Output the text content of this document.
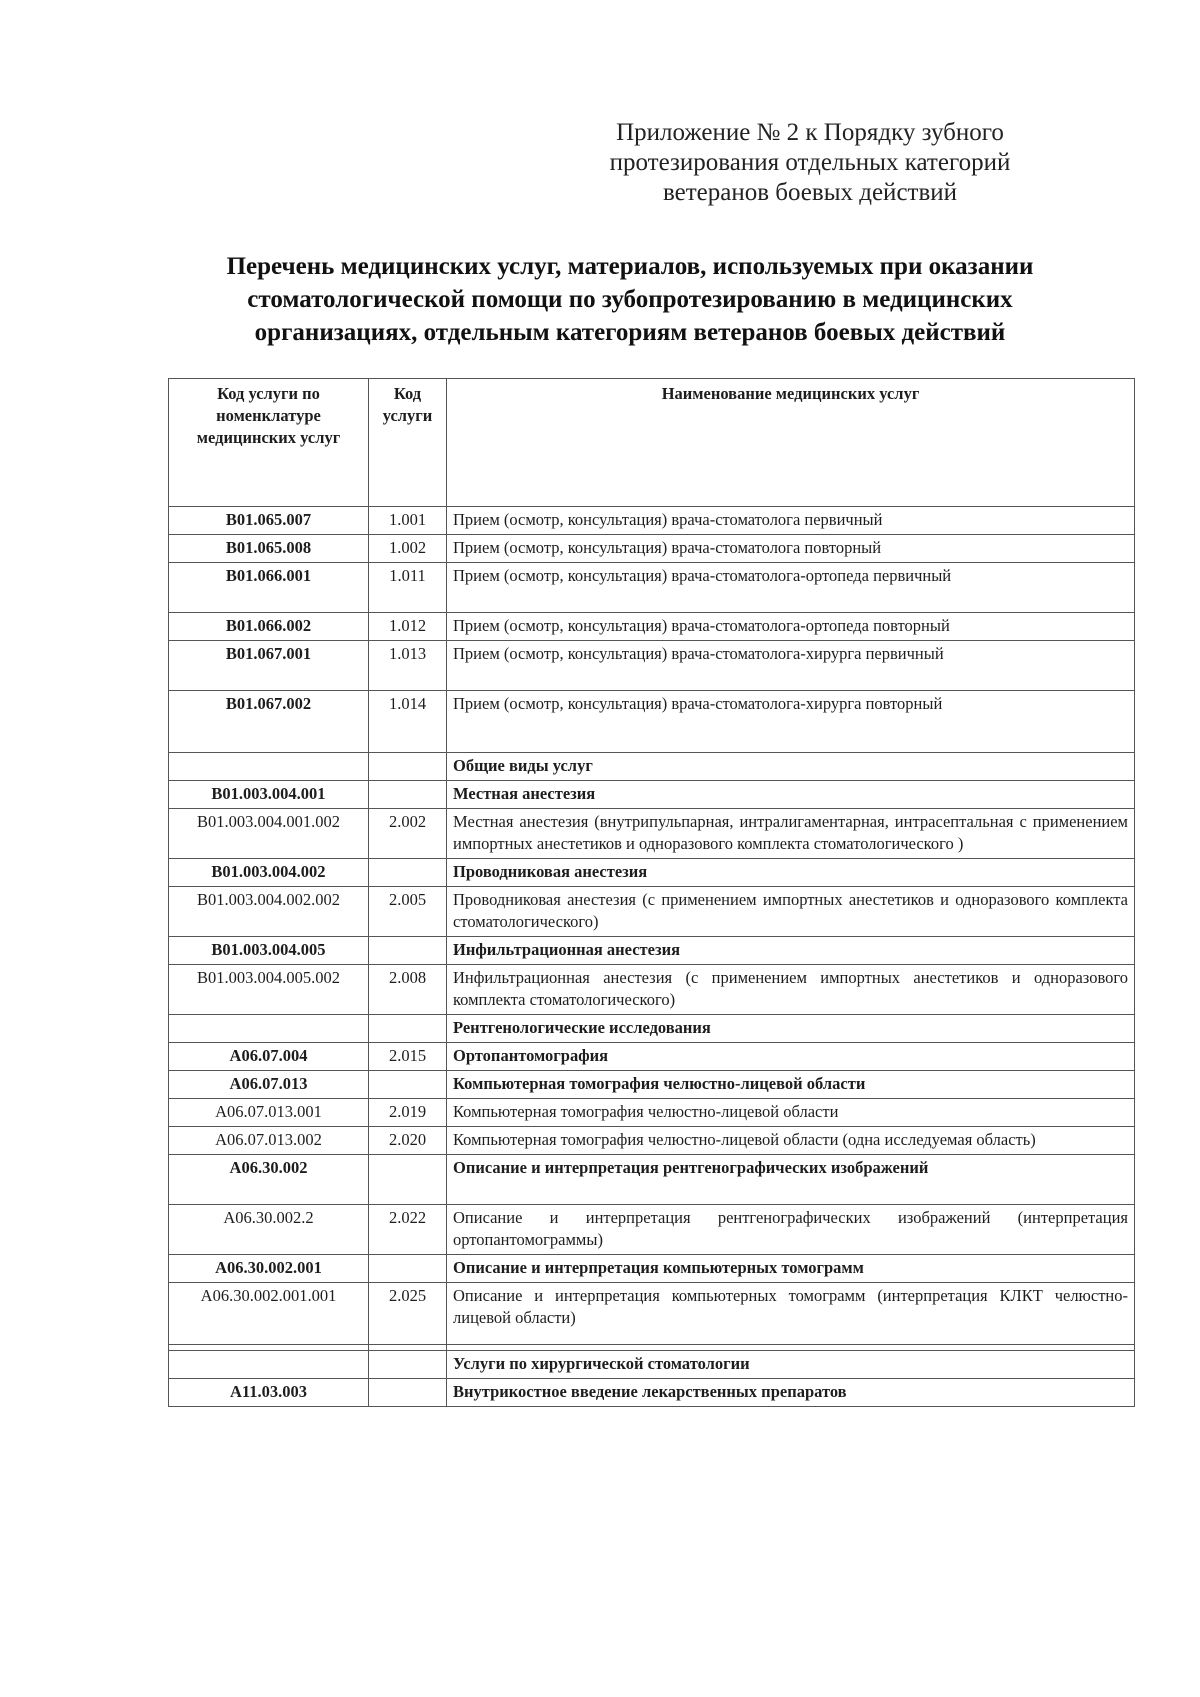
Приложение № 2 к Порядку зубного
протезирования отдельных категорий
ветеранов боевых действий
Перечень медицинских услуг, материалов, используемых при оказании
стоматологической помощи по зубопротезированию в медицинских
организациях, отдельным категориям ветеранов боевых действий
Код услуги по номенклатуре медицинских услуг	Код услуги	Наименование медицинских услуг
В01.065.007	1.001	Прием (осмотр, консультация) врача-стоматолога первичный
В01.065.008	1.002	Прием (осмотр, консультация) врача-стоматолога повторный
В01.066.001	1.011	Прием (осмотр, консультация) врача-стоматолога-ортопеда первичный
В01.066.002	1.012	Прием (осмотр, консультация) врача-стоматолога-ортопеда повторный
В01.067.001	1.013	Прием (осмотр, консультация) врача-стоматолога-хирурга первичный
В01.067.002	1.014	Прием (осмотр, консультация) врача-стоматолога-хирурга повторный
		Общие виды услуг
В01.003.004.001		Местная анестезия
В01.003.004.001.002	2.002	Местная анестезия (внутрипульпарная, интралигаментарная, интрасептальная с применением импортных анестетиков и одноразового комплекта стоматологического )
В01.003.004.002		Проводниковая анестезия
В01.003.004.002.002	2.005	Проводниковая анестезия (с применением импортных анестетиков и одноразового комплекта стоматологического)
В01.003.004.005		Инфильтрационная анестезия
В01.003.004.005.002	2.008	Инфильтрационная анестезия (с применением импортных анестетиков и одноразового комплекта стоматологического)
		Рентгенологические исследования
А06.07.004	2.015	Ортопантомография
А06.07.013		Компьютерная томография челюстно-лицевой области
А06.07.013.001	2.019	Компьютерная томография челюстно-лицевой области
А06.07.013.002	2.020	Компьютерная томография челюстно-лицевой области (одна исследуемая область)
А06.30.002		Описание и интерпретация рентгенографических изображений
А06.30.002.2	2.022	Описание и интерпретация рентгенографических изображений (интерпретация ортопантомограммы)
А06.30.002.001		Описание и интерпретация компьютерных томограмм
А06.30.002.001.001	2.025	Описание и интерпретация компьютерных томограмм (интерпретация КЛКТ челюстно-лицевой области)

		Услуги по хирургической стоматологии
А11.03.003		Внутрикостное введение лекарственных препаратов
